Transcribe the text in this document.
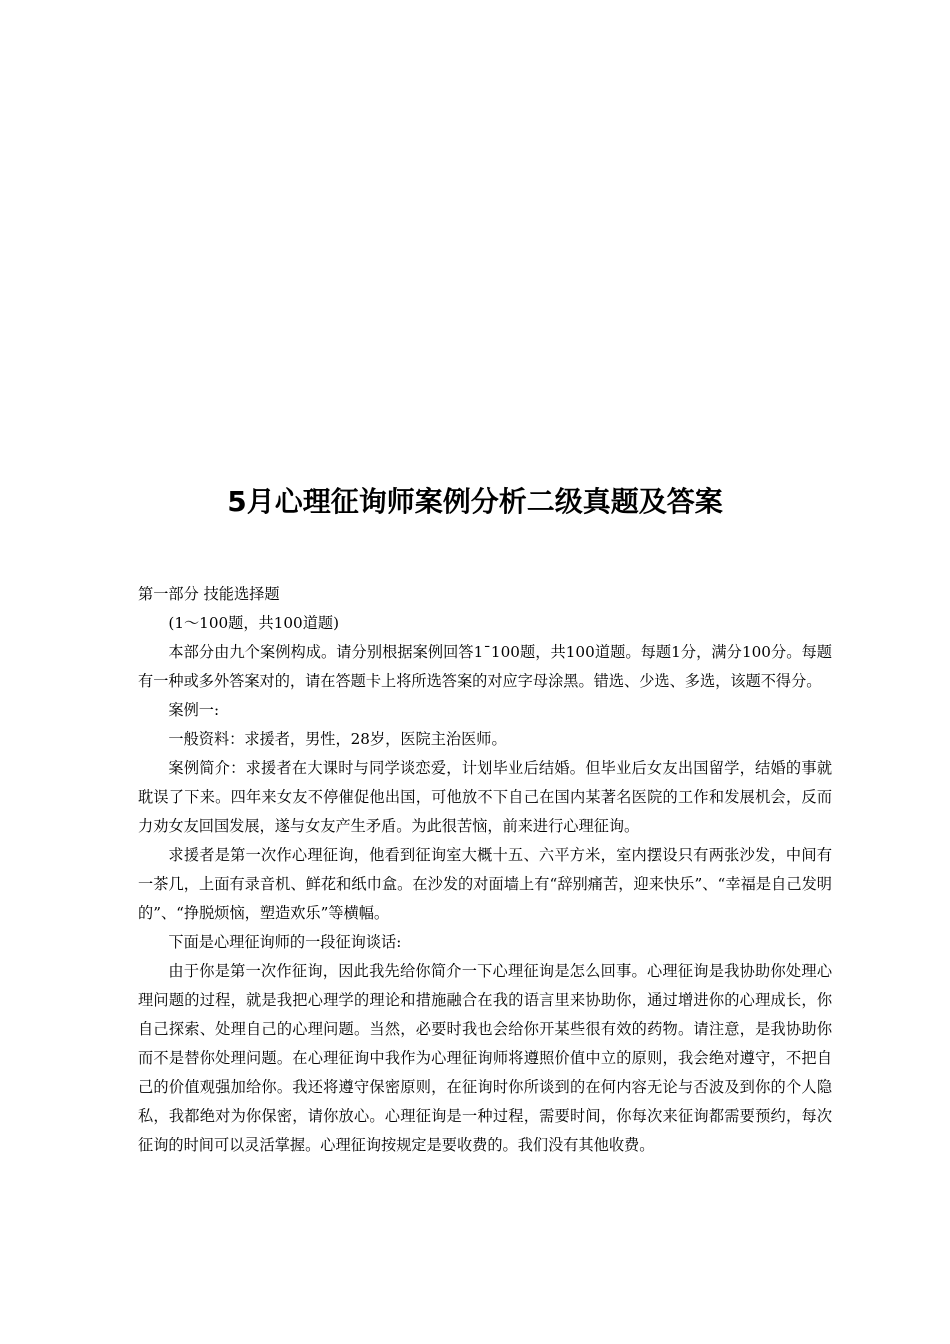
5月心理征询师案例分析二级真题及答案

第一部分 技能选择题

(1～100题，共100道题)

本部分由九个案例构成。请分别根据案例回答1¯100题，共100道题。每题1分，满分100分。每题有一种或多外答案对的，请在答题卡上将所选答案的对应字母涂黑。错选、少选、多选，该题不得分。

案例一:

一般资料：求援者，男性，28岁，医院主治医师。

案例简介：求援者在大课时与同学谈恋爱，计划毕业后结婚。但毕业后女友出国留学，结婚的事就耽误了下来。四年来女友不停催促他出国，可他放不下自己在国内某著名医院的工作和发展机会，反而力劝女友回国发展，遂与女友产生矛盾。为此很苦恼，前来进行心理征询。

求援者是第一次作心理征询，他看到征询室大概十五、六平方米，室内摆设只有两张沙发，中间有一茶几，上面有录音机、鲜花和纸巾盒。在沙发的对面墙上有“辞别痛苦，迎来快乐”、“幸福是自己发明的”、“挣脱烦恼，塑造欢乐”等横幅。

下面是心理征询师的一段征询谈话:

由于你是第一次作征询，因此我先给你简介一下心理征询是怎么回事。心理征询是我协助你处理心理问题的过程，就是我把心理学的理论和措施融合在我的语言里来协助你，通过增进你的心理成长，你自己探索、处理自己的心理问题。当然，必要时我也会给你开某些很有效的药物。请注意，是我协助你而不是替你处理问题。在心理征询中我作为心理征询师将遵照价值中立的原则，我会绝对遵守，不把自己的价值观强加给你。我还将遵守保密原则，在征询时你所谈到的在何内容无论与否波及到你的个人隐私，我都绝对为你保密，请你放心。心理征询是一种过程，需要时间，你每次来征询都需要预约，每次征询的时间可以灵活掌握。心理征询按规定是要收费的。我们没有其他收费。
